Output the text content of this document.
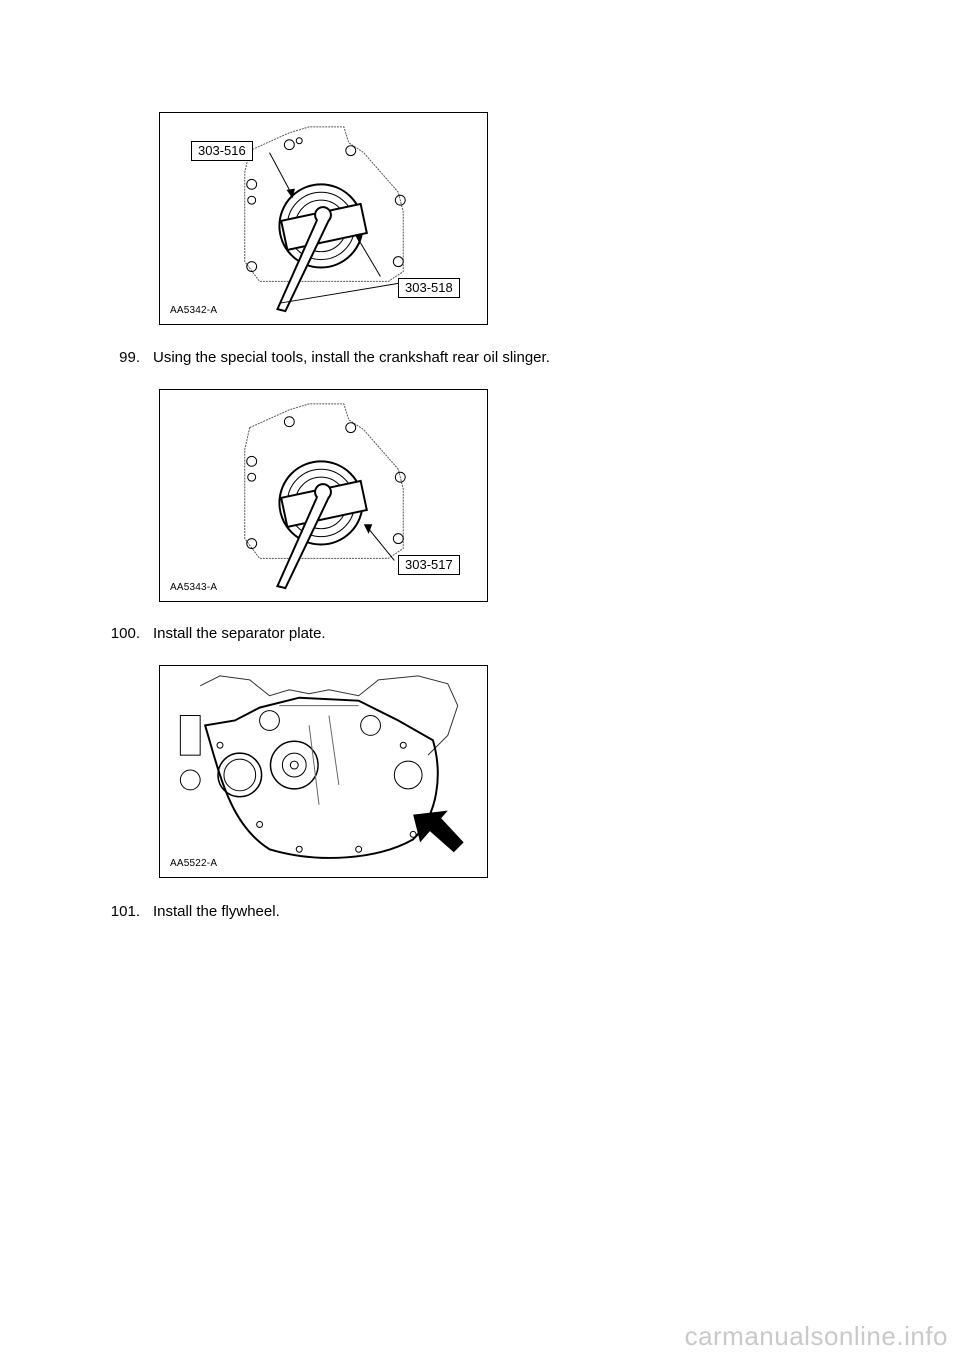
303-516
303-518
AA5342-A
99. Using the special tools, install the crankshaft rear oil slinger.
303-517
AA5343-A
100. Install the separator plate.
AA5522-A
101. Install the flywheel.
carmanualsonline.info
